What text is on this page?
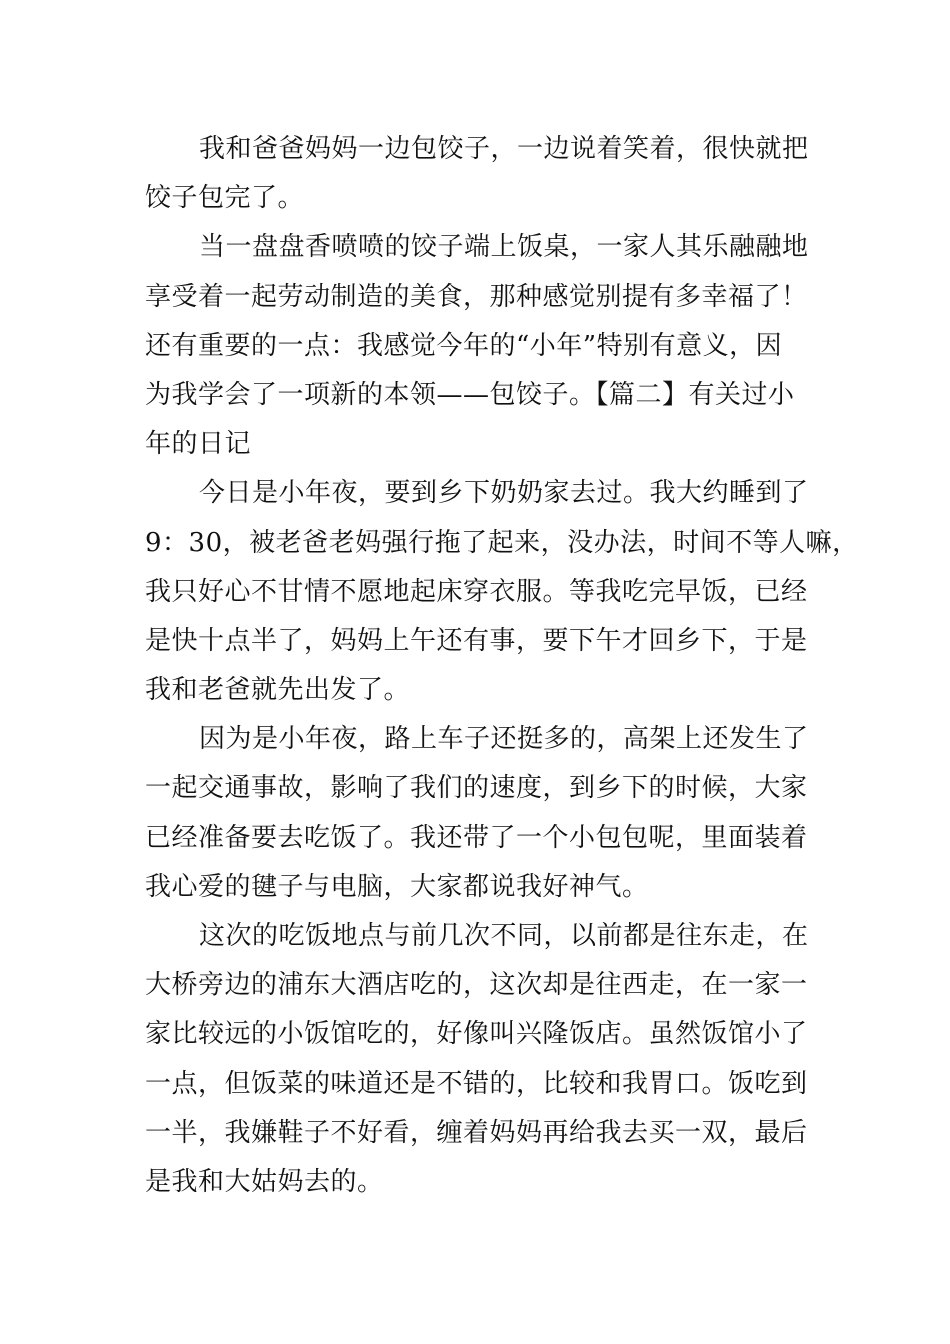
我和爸爸妈妈一边包饺子，一边说着笑着，很快就把
饺子包完了。
当一盘盘香喷喷的饺子端上饭桌，一家人其乐融融地
享受着一起劳动制造的美食，那种感觉别提有多幸福了！
还有重要的一点：我感觉今年的“小年”特别有意义，因
为我学会了一项新的本领——包饺子。【篇二】有关过小
年的日记
今日是小年夜，要到乡下奶奶家去过。我大约睡到了
9：30，被老爸老妈强行拖了起来，没办法，时间不等人嘛，
我只好心不甘情不愿地起床穿衣服。等我吃完早饭，已经
是快十点半了，妈妈上午还有事，要下午才回乡下，于是
我和老爸就先出发了。
因为是小年夜，路上车子还挺多的，高架上还发生了
一起交通事故，影响了我们的速度，到乡下的时候，大家
已经准备要去吃饭了。我还带了一个小包包呢，里面装着
我心爱的毽子与电脑，大家都说我好神气。
这次的吃饭地点与前几次不同，以前都是往东走，在
大桥旁边的浦东大酒店吃的，这次却是往西走，在一家一
家比较远的小饭馆吃的，好像叫兴隆饭店。虽然饭馆小了
一点，但饭菜的味道还是不错的，比较和我胃口。饭吃到
一半，我嫌鞋子不好看，缠着妈妈再给我去买一双，最后
是我和大姑妈去的。
